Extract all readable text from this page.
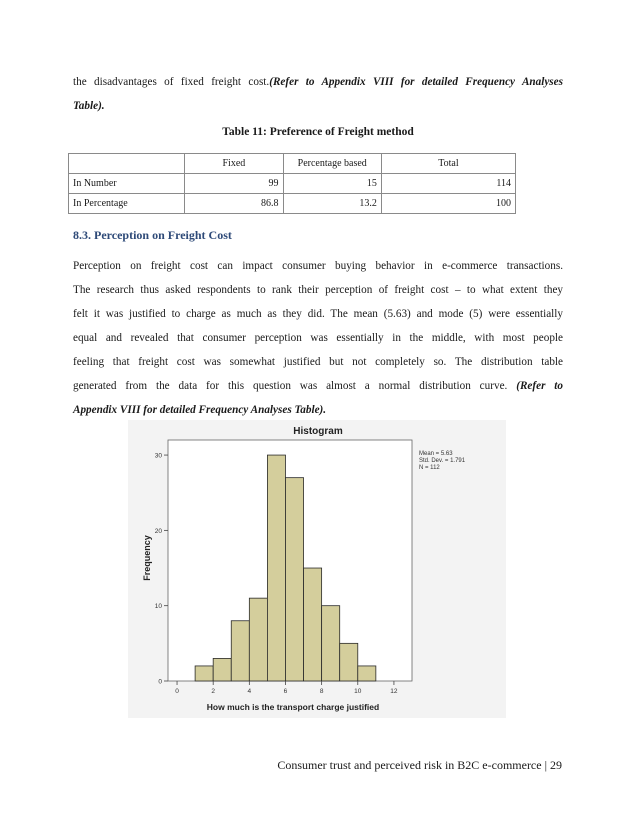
the disadvantages of fixed freight cost.(Refer to Appendix VIII for detailed Frequency Analyses
Table).

Table 11: Preference of Freight method

	Fixed	Percentage based	Total
In Number	99	15	114
In Percentage	86.8	13.2	100

8.3. Perception on Freight Cost

Perception on freight cost can impact consumer buying behavior in e-commerce transactions.
The research thus asked respondents to rank their perception of freight cost – to what extent they
felt it was justified to charge as much as they did. The mean (5.63) and mode (5) were essentially
equal and revealed that consumer perception was essentially in the middle, with most people
feeling that freight cost was somewhat justified but not completely so. The distribution table
generated from the data for this question was almost a normal distribution curve. (Refer to
Appendix VIII for detailed Frequency Analyses Table).
Histogram
Frequency
How much is the transport charge justified
Mean = 5.63
Std. Dev. = 1.791
N = 112
0
10
20
30
0	2	4	6	8	10	12

Consumer trust and perceived risk in B2C e-commerce | 29
